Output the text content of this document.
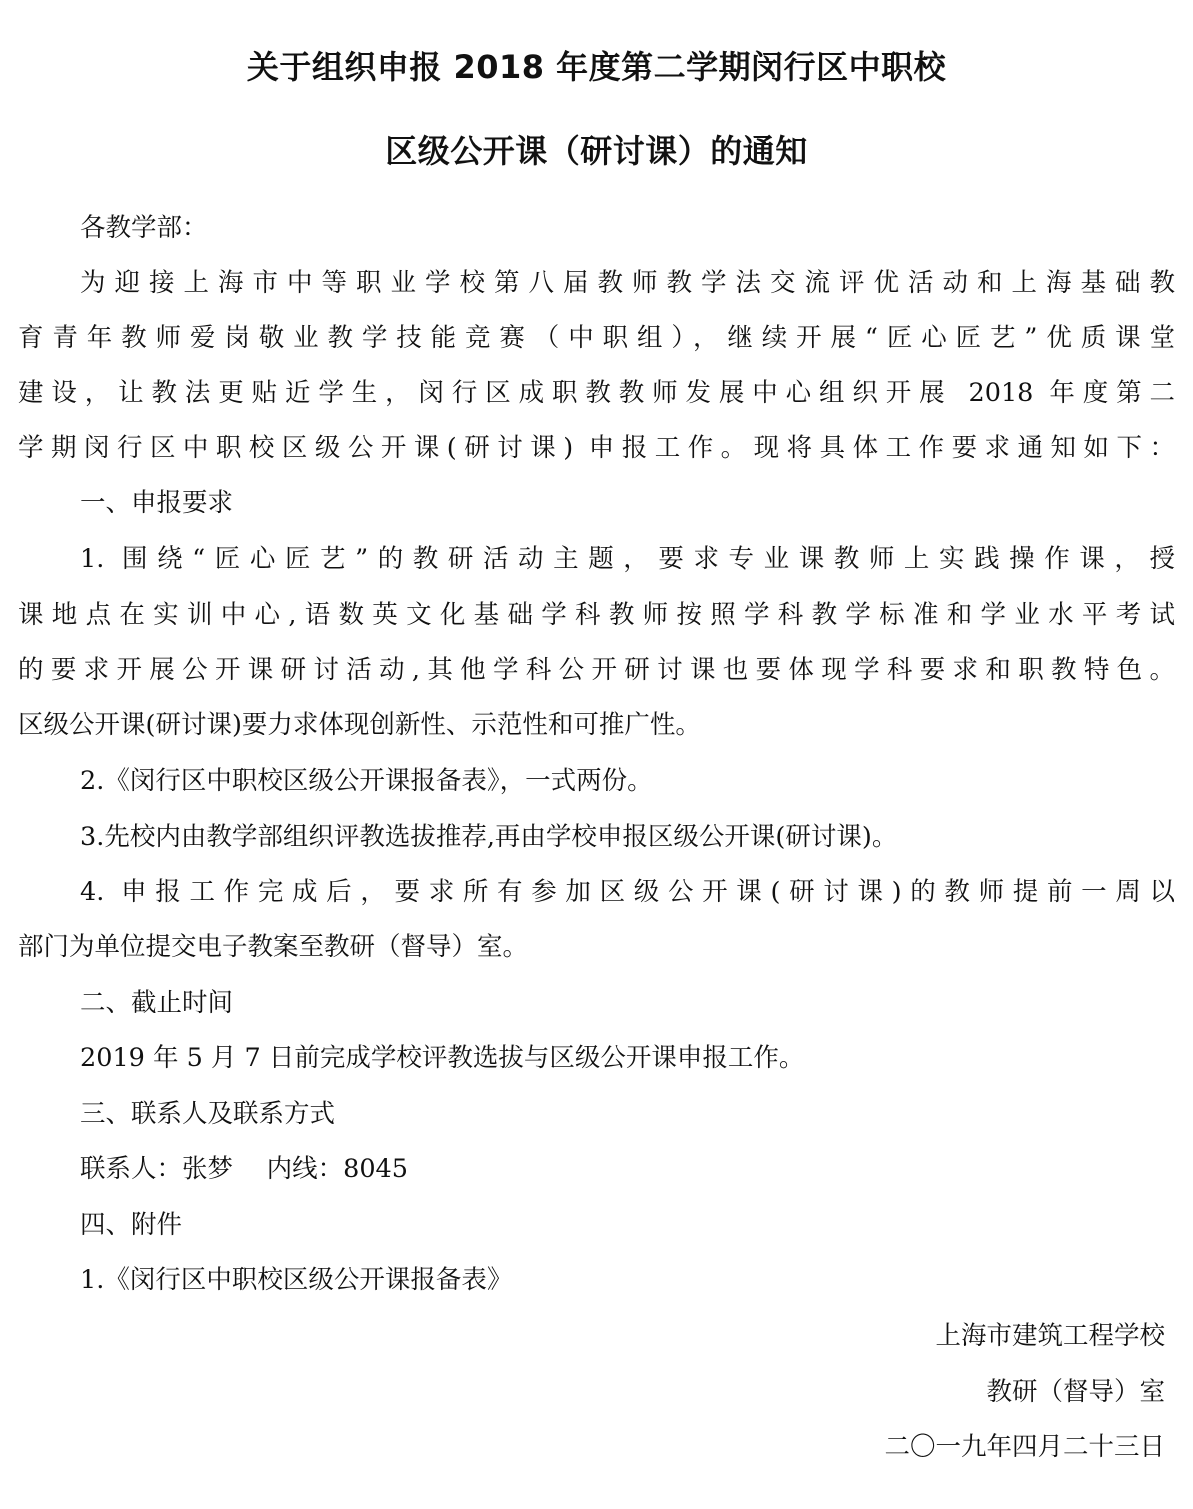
关于组织申报 2018 年度第二学期闵行区中职校
区级公开课（研讨课）的通知
各教学部：
为迎接上海市中等职业学校第八届教师教学法交流评优活动和上海基础教
育青年教师爱岗敬业教学技能竞赛（中职组），继续开展“匠心匠艺”优质课堂
建设，让教法更贴近学生，闵行区成职教教师发展中心组织开展 2018 年度第二
学期闵行区中职校区级公开课(研讨课) 申报工作。现将具体工作要求通知如下：
一、申报要求
1. 围绕“匠心匠艺”的教研活动主题，要求专业课教师上实践操作课，授
课地点在实训中心,语数英文化基础学科教师按照学科教学标准和学业水平考试
的要求开展公开课研讨活动,其他学科公开研讨课也要体现学科要求和职教特色。
区级公开课(研讨课)要力求体现创新性、示范性和可推广性。
2.《闵行区中职校区级公开课报备表》，一式两份。
3.先校内由教学部组织评教选拔推荐,再由学校申报区级公开课(研讨课)。
4. 申报工作完成后，要求所有参加区级公开课(研讨课)的教师提前一周以
部门为单位提交电子教案至教研（督导）室。
二、截止时间
2019 年 5 月 7 日前完成学校评教选拔与区级公开课申报工作。
三、联系人及联系方式
联系人：张梦　 内线：8045
四、附件
1.《闵行区中职校区级公开课报备表》
上海市建筑工程学校
教研（督导）室
二〇一九年四月二十三日
